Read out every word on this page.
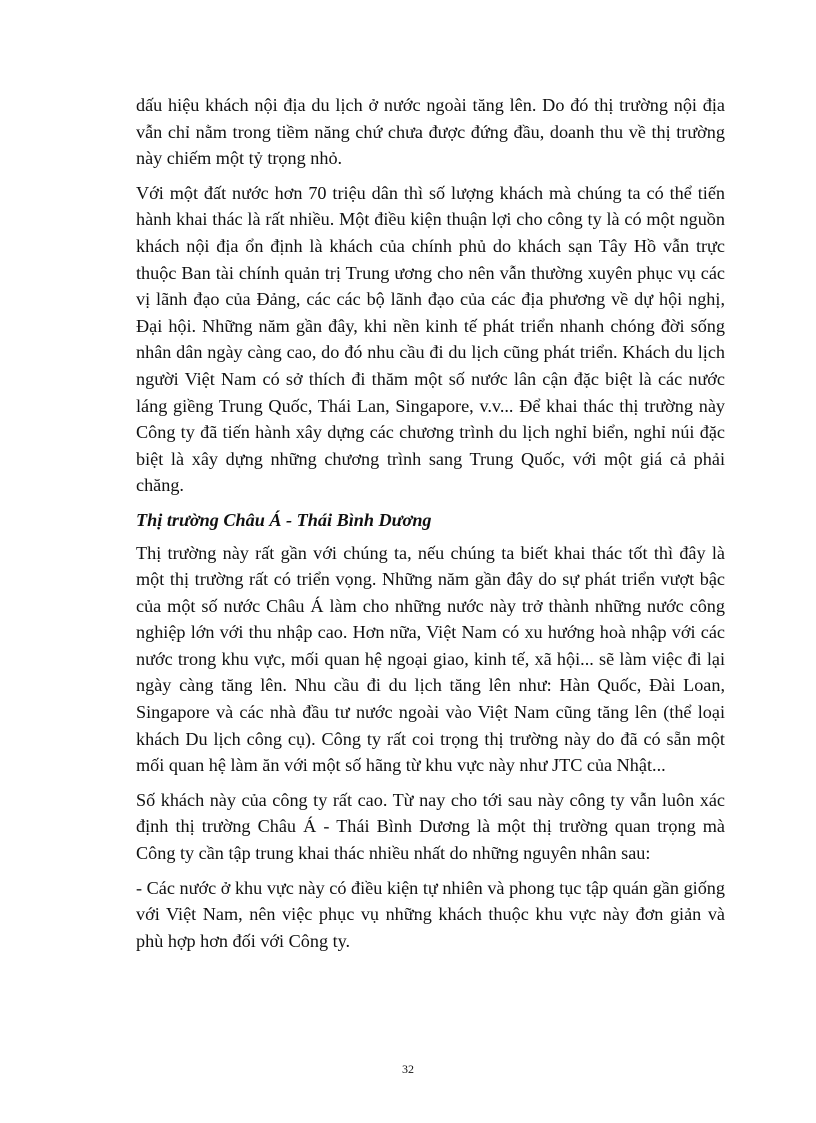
dấu hiệu khách nội địa du lịch ở nước ngoài tăng lên. Do đó thị trường nội địa vẫn chỉ nằm trong tiềm năng chứ chưa được đứng đầu, doanh thu về thị trường này chiếm một tỷ trọng nhỏ.

Với một đất nước hơn 70 triệu dân thì số lượng khách mà chúng ta có thể tiến hành khai thác là rất nhiều. Một điều kiện thuận lợi cho công ty là có một nguồn khách nội địa ổn định là khách của chính phủ do khách sạn Tây Hồ vẫn trực thuộc Ban tài chính quản trị Trung ương cho nên vẫn thường xuyên phục vụ các vị lãnh đạo của Đảng, các các bộ lãnh đạo của các địa phương về dự hội nghị, Đại hội. Những năm gần đây, khi nền kinh tế phát triển nhanh chóng đời sống nhân dân ngày càng cao, do đó nhu cầu đi du lịch cũng phát triển. Khách du lịch người Việt Nam có sở thích đi thăm một số nước lân cận đặc biệt là các nước láng giềng Trung Quốc, Thái Lan, Singapore, v.v... Để khai thác thị trường này Công ty đã tiến hành xây dựng các chương trình du lịch nghỉ biển, nghỉ núi đặc biệt là xây dựng những chương trình sang Trung Quốc, với một giá cả phải chăng.

Thị trường Châu Á - Thái Bình Dương

Thị trường này rất gần với chúng ta, nếu chúng ta biết khai thác tốt thì đây là một thị trường rất có triển vọng. Những năm gần đây do sự phát triển vượt bậc của một số nước Châu Á làm cho những nước này trở thành những nước công nghiệp lớn với thu nhập cao. Hơn nữa, Việt Nam có xu hướng hoà nhập với các nước trong khu vực, mối quan hệ ngoại giao, kinh tế, xã hội... sẽ làm việc đi lại ngày càng tăng lên. Nhu cầu đi du lịch tăng lên như: Hàn Quốc, Đài Loan, Singapore và các nhà đầu tư nước ngoài vào Việt Nam cũng tăng lên (thể loại khách Du lịch công cụ). Công ty rất coi trọng thị trường này do đã có sẵn một mối quan hệ làm ăn với một số hãng từ khu vực này như JTC của Nhật...

Số khách này của công ty rất cao. Từ nay cho tới sau này công ty vẫn luôn xác định thị trường Châu Á - Thái Bình Dương là một thị trường quan trọng mà Công ty cần tập trung khai thác nhiều nhất do những nguyên nhân sau:

- Các nước ở khu vực này có điều kiện tự nhiên và phong tục tập quán gần giống với Việt Nam, nên việc phục vụ những khách thuộc khu vực này đơn giản và phù hợp hơn đối với Công ty.

32
